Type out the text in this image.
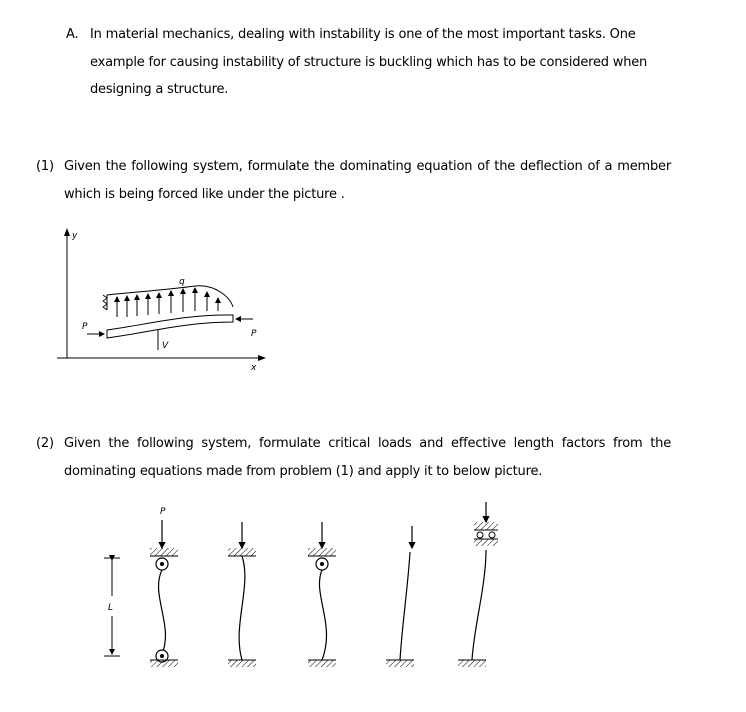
A. In material mechanics, dealing with instability is one of the most important tasks. One example for causing instability of structure is buckling which has to be considered when designing a structure.
(1) Given the following system, formulate the dominating equation of the deflection of a member which is being forced like under the picture .
y
x
q
P
P
V
(2) Given the following system, formulate critical loads and effective length factors from the dominating equations made from problem (1) and apply it to below picture.
L
P
